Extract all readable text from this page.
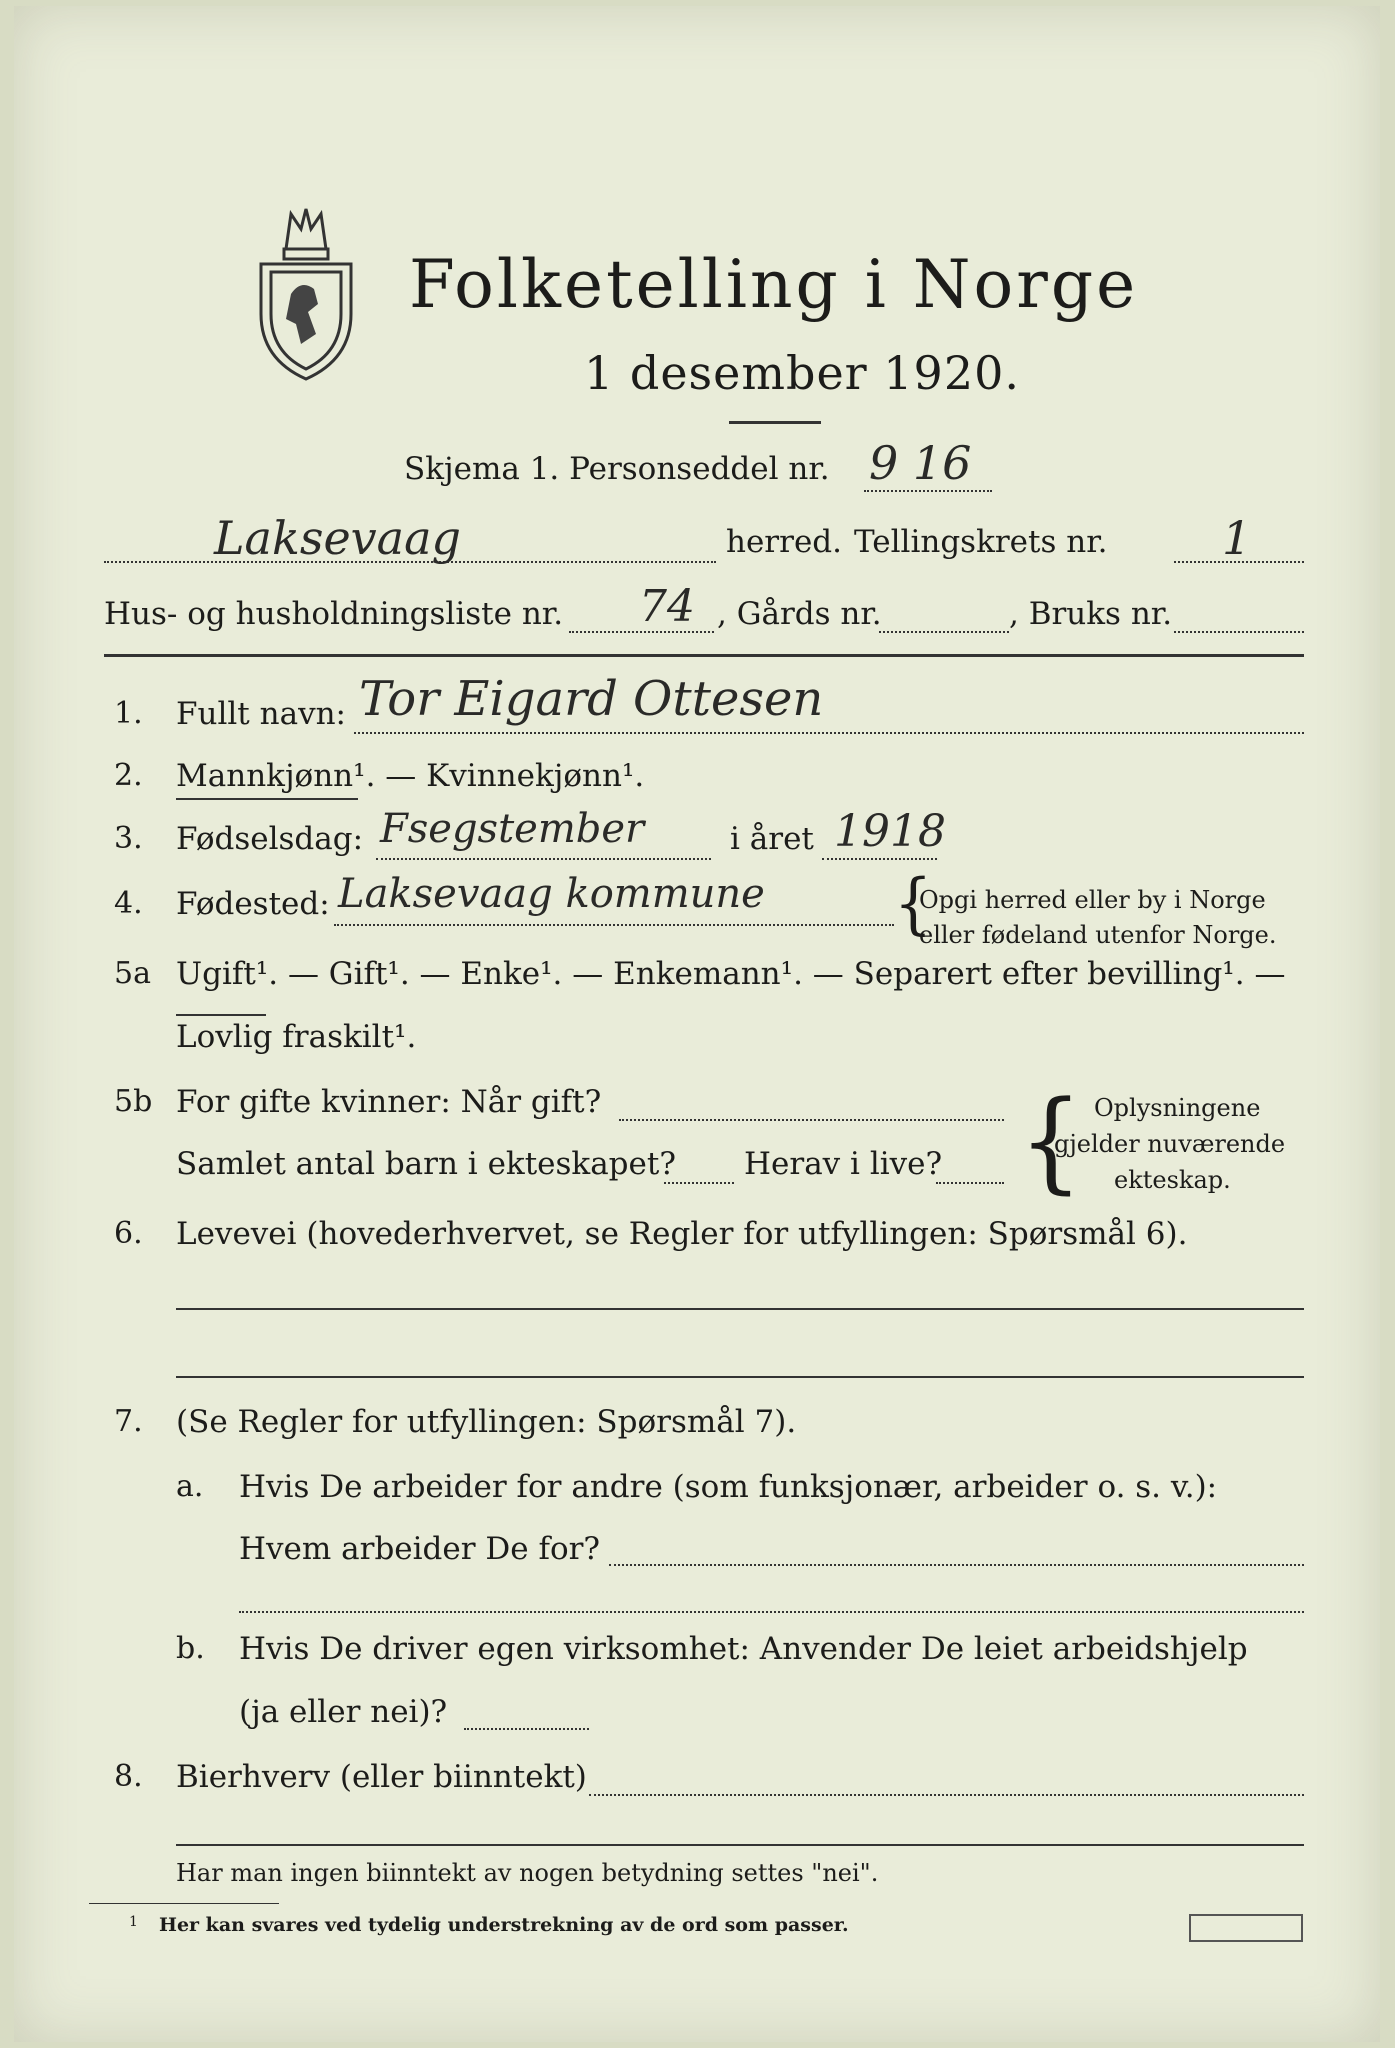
Folketelling i Norge
1 desember 1920.
Skjema 1. Personseddel nr. 9 16
Laksevaag	herred. Tellingskrets nr. 1
Hus- og husholdningsliste nr. 74 , Gårds nr.	, Bruks nr.
1. Fullt navn: Tor Eigard Ottesen
2. Mannkjønn¹. — Kvinnekjønn¹.
3. Fødselsdag: Fsegstember	i året 1918
4. Fødested: Laksevaag kommune {
Opgi herred eller by i Norge
eller fødeland utenfor Norge.
5a Ugift¹. — Gift¹. — Enke¹. — Enkemann¹. — Separert efter bevilling¹. —
Lovlig fraskilt¹.
5b For gifte kvinner: Når gift?
Samlet antal barn i ekteskapet? Herav i live? { Oplysningene
gjelder nuværende
ekteskap.
6. Levevei (hovederhvervet, se Regler for utfyllingen: Spørsmål 6).
7. (Se Regler for utfyllingen: Spørsmål 7).
a. Hvis De arbeider for andre (som funksjonær, arbeider o. s. v.):
Hvem arbeider De for?
b. Hvis De driver egen virksomhet: Anvender De leiet arbeidshjelp
(ja eller nei)?
8. Bierhverv (eller biinntekt)
Har man ingen biinntekt av nogen betydning settes "nei".
1 Her kan svares ved tydelig understrekning av de ord som passer.
